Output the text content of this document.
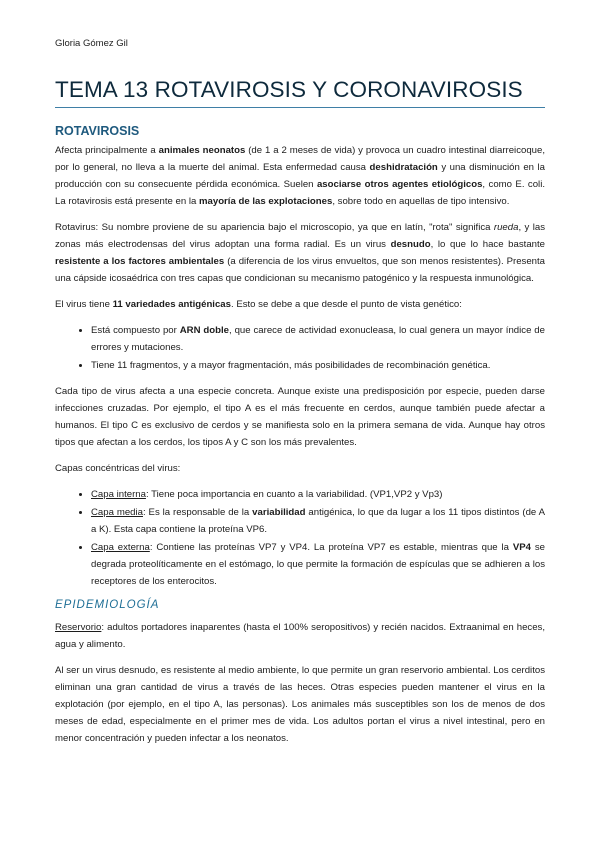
Gloria Gómez Gil
TEMA 13 ROTAVIROSIS Y CORONAVIROSIS
ROTAVIROSIS

Afecta principalmente a animales neonatos (de 1 a 2 meses de vida) y provoca un cuadro intestinal diarreicoque, por lo general, no lleva a la muerte del animal. Esta enfermedad causa deshidratación y una disminución en la producción con su consecuente pérdida económica. Suelen asociarse otros agentes etiológicos, como E. coli. La rotavirosis está presente en la mayoría de las explotaciones, sobre todo en aquellas de tipo intensivo.

Rotavirus: Su nombre proviene de su apariencia bajo el microscopio, ya que en latín, "rota" significa rueda, y las zonas más electrodensas del virus adoptan una forma radial. Es un virus desnudo, lo que lo hace bastante resistente a los factores ambientales (a diferencia de los virus envueltos, que son menos resistentes). Presenta una cápside icosaédrica con tres capas que condicionan su mecanismo patogénico y la respuesta inmunológica.

El virus tiene 11 variedades antigénicas. Esto se debe a que desde el punto de vista genético:

• Está compuesto por ARN doble, que carece de actividad exonucleasa, lo cual genera un mayor índice de errores y mutaciones.
• Tiene 11 fragmentos, y a mayor fragmentación, más posibilidades de recombinación genética.

Cada tipo de virus afecta a una especie concreta. Aunque existe una predisposición por especie, pueden darse infecciones cruzadas. Por ejemplo, el tipo A es el más frecuente en cerdos, aunque también puede afectar a humanos. El tipo C es exclusivo de cerdos y se manifiesta solo en la primera semana de vida. Aunque hay otros tipos que afectan a los cerdos, los tipos A y C son los más prevalentes.

Capas concéntricas del virus:

• Capa interna: Tiene poca importancia en cuanto a la variabilidad. (VP1,VP2 y Vp3)
• Capa media: Es la responsable de la variabilidad antigénica, lo que da lugar a los 11 tipos distintos (de A a K). Esta capa contiene la proteína VP6.
• Capa externa: Contiene las proteínas VP7 y VP4. La proteína VP7 es estable, mientras que la VP4 se degrada proteolíticamente en el estómago, lo que permite la formación de espículas que se adhieren a los receptores de los enterocitos.
EPIDEMIOLOGÍA

Reservorio: adultos portadores inaparentes (hasta el 100% seropositivos) y recién nacidos. Extraanimal en heces, agua y alimento.

Al ser un virus desnudo, es resistente al medio ambiente, lo que permite un gran reservorio ambiental. Los cerditos eliminan una gran cantidad de virus a través de las heces. Otras especies pueden mantener el virus en la explotación (por ejemplo, en el tipo A, las personas). Los animales más susceptibles son los de menos de dos meses de edad, especialmente en el primer mes de vida. Los adultos portan el virus a nivel intestinal, pero en menor concentración y pueden infectar a los neonatos.
